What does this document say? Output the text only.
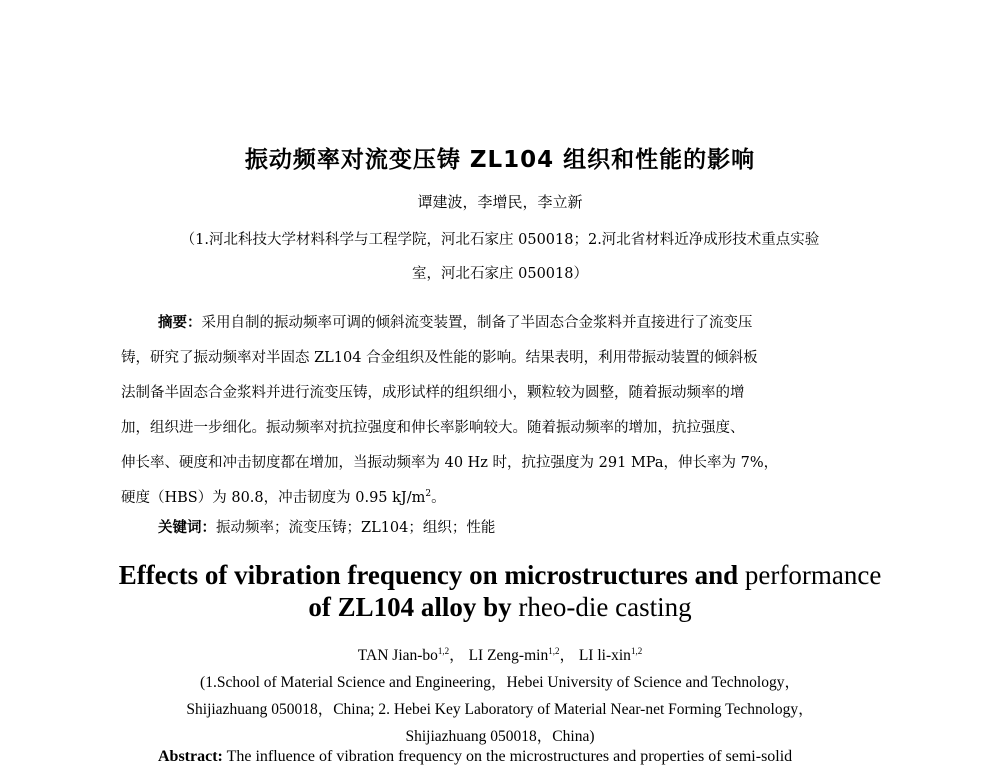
振动频率对流变压铸 ZL104 组织和性能的影响
谭建波，李增民，李立新
（1.河北科技大学材料科学与工程学院，河北石家庄 050018；2.河北省材料近净成形技术重点实验
室，河北石家庄 050018）
摘要：采用自制的振动频率可调的倾斜流变装置，制备了半固态合金浆料并直接进行了流变压
铸，研究了振动频率对半固态 ZL104 合金组织及性能的影响。结果表明，利用带振动装置的倾斜板
法制备半固态合金浆料并进行流变压铸，成形试样的组织细小，颗粒较为圆整，随着振动频率的增
加，组织进一步细化。振动频率对抗拉强度和伸长率影响较大。随着振动频率的增加，抗拉强度、
伸长率、硬度和冲击韧度都在增加，当振动频率为 40 Hz 时，抗拉强度为 291 MPa，伸长率为 7%，
硬度（HBS）为 80.8，冲击韧度为 0.95 $kJ/m^2$。
关键词：振动频率；流变压铸；ZL104；组织；性能
Effects of vibration frequency on microstructures and performance
of ZL104 alloy by rheo-die casting
TAN Jian-bo$^{1,2}$， LI Zeng-$\min^{1,2}$， LI li-xin$^{1,2}$
(1.School of Material Science and Engineering，Hebei University of Science and Technology，
Shijiazhuang 050018，China; 2. Hebei Key Laboratory of Material Near-net Forming Technology，
Shijiazhuang 050018，China)
Abstract: The influence of vibration frequency on the microstructures and properties of semi-solid
